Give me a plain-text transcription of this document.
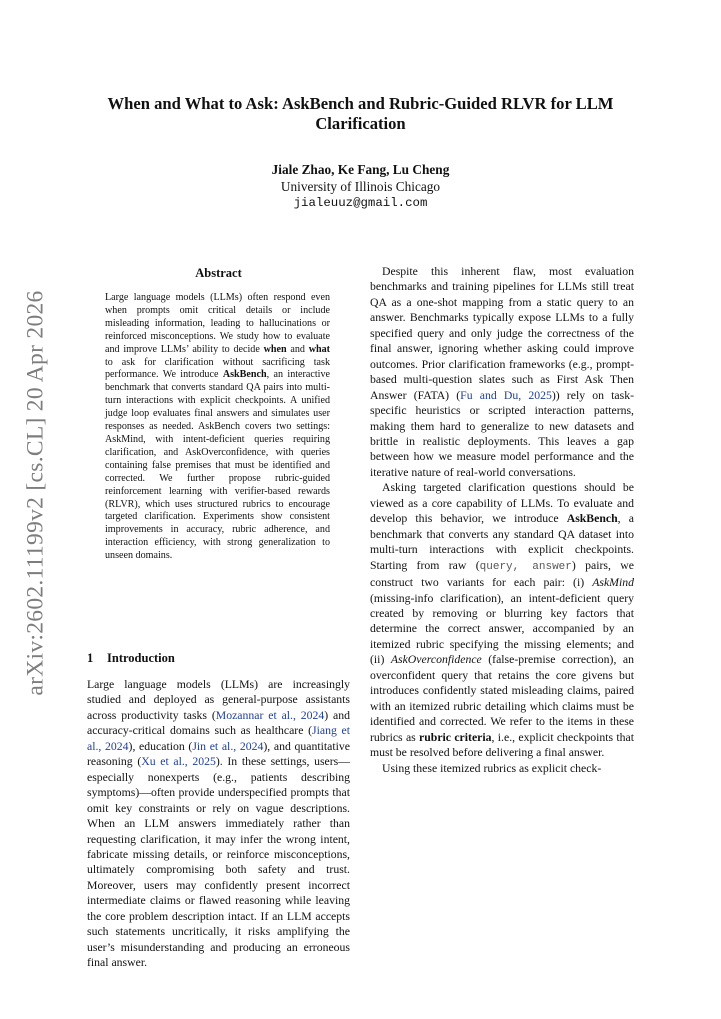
arXiv:2602.11199v2 [cs.CL] 20 Apr 2026
When and What to Ask: AskBench and Rubric-Guided RLVR for LLM
Clarification
Jiale Zhao, Ke Fang, Lu Cheng
University of Illinois Chicago
jialeuuz@gmail.com
Abstract
Large language models (LLMs) often respond even when prompts omit critical details or include misleading information, leading to hallucinations or reinforced misconceptions. We study how to evaluate and improve LLMs’ ability to decide when and what to ask for clarification without sacrificing task performance. We introduce AskBench, an interactive benchmark that converts standard QA pairs into multi-turn interactions with explicit checkpoints. A unified judge loop evaluates final answers and simulates user responses as needed. AskBench covers two settings: AskMind, with intent-deficient queries requiring clarification, and AskOverconfidence, with queries containing false premises that must be identified and corrected. We further propose rubric-guided reinforcement learning with verifier-based rewards (RLVR), which uses structured rubrics to encourage targeted clarification. Experiments show consistent improvements in accuracy, rubric adherence, and interaction efficiency, with strong generalization to unseen domains.
1 Introduction

Large language models (LLMs) are increasingly studied and deployed as general-purpose assistants across productivity tasks (Mozannar et al., 2024) and accuracy-critical domains such as healthcare (Jiang et al., 2024), education (Jin et al., 2024), and quantitative reasoning (Xu et al., 2025). In these settings, users—especially nonexperts (e.g., patients describing symptoms)—often provide underspecified prompts that omit key constraints or rely on vague descriptions. When an LLM answers immediately rather than requesting clarification, it may infer the wrong intent, fabricate missing details, or reinforce misconceptions, ultimately compromising both safety and trust. Moreover, users may confidently present incorrect intermediate claims or flawed reasoning while leaving the core problem description intact. If an LLM accepts such statements uncritically, it risks amplifying the user’s misunderstanding and producing an erroneous final answer.

Despite this inherent flaw, most evaluation benchmarks and training pipelines for LLMs still treat QA as a one-shot mapping from a static query to an answer. Benchmarks typically expose LLMs to a fully specified query and only judge the correctness of the final answer, ignoring whether asking could improve outcomes. Prior clarification frameworks (e.g., prompt-based multi-question slates such as First Ask Then Answer (FATA) (Fu and Du, 2025)) rely on task-specific heuristics or scripted interaction patterns, making them hard to generalize to new datasets and brittle in realistic deployments. This leaves a gap between how we measure model performance and the iterative nature of real-world conversations.

Asking targeted clarification questions should be viewed as a core capability of LLMs. To evaluate and develop this behavior, we introduce AskBench, a benchmark that converts any standard QA dataset into multi-turn interactions with explicit checkpoints. Starting from raw (query, answer) pairs, we construct two variants for each pair: (i) AskMind (missing-info clarification), an intent-deficient query created by removing or blurring key factors that determine the correct answer, accompanied by an itemized rubric specifying the missing elements; and (ii) AskOverconfidence (false-premise correction), an overconfident query that retains the core givens but introduces confidently stated misleading claims, paired with an itemized rubric detailing which claims must be identified and corrected. We refer to the items in these rubrics as rubric criteria, i.e., explicit checkpoints that must be resolved before delivering a final answer.

Using these itemized rubrics as explicit check-
